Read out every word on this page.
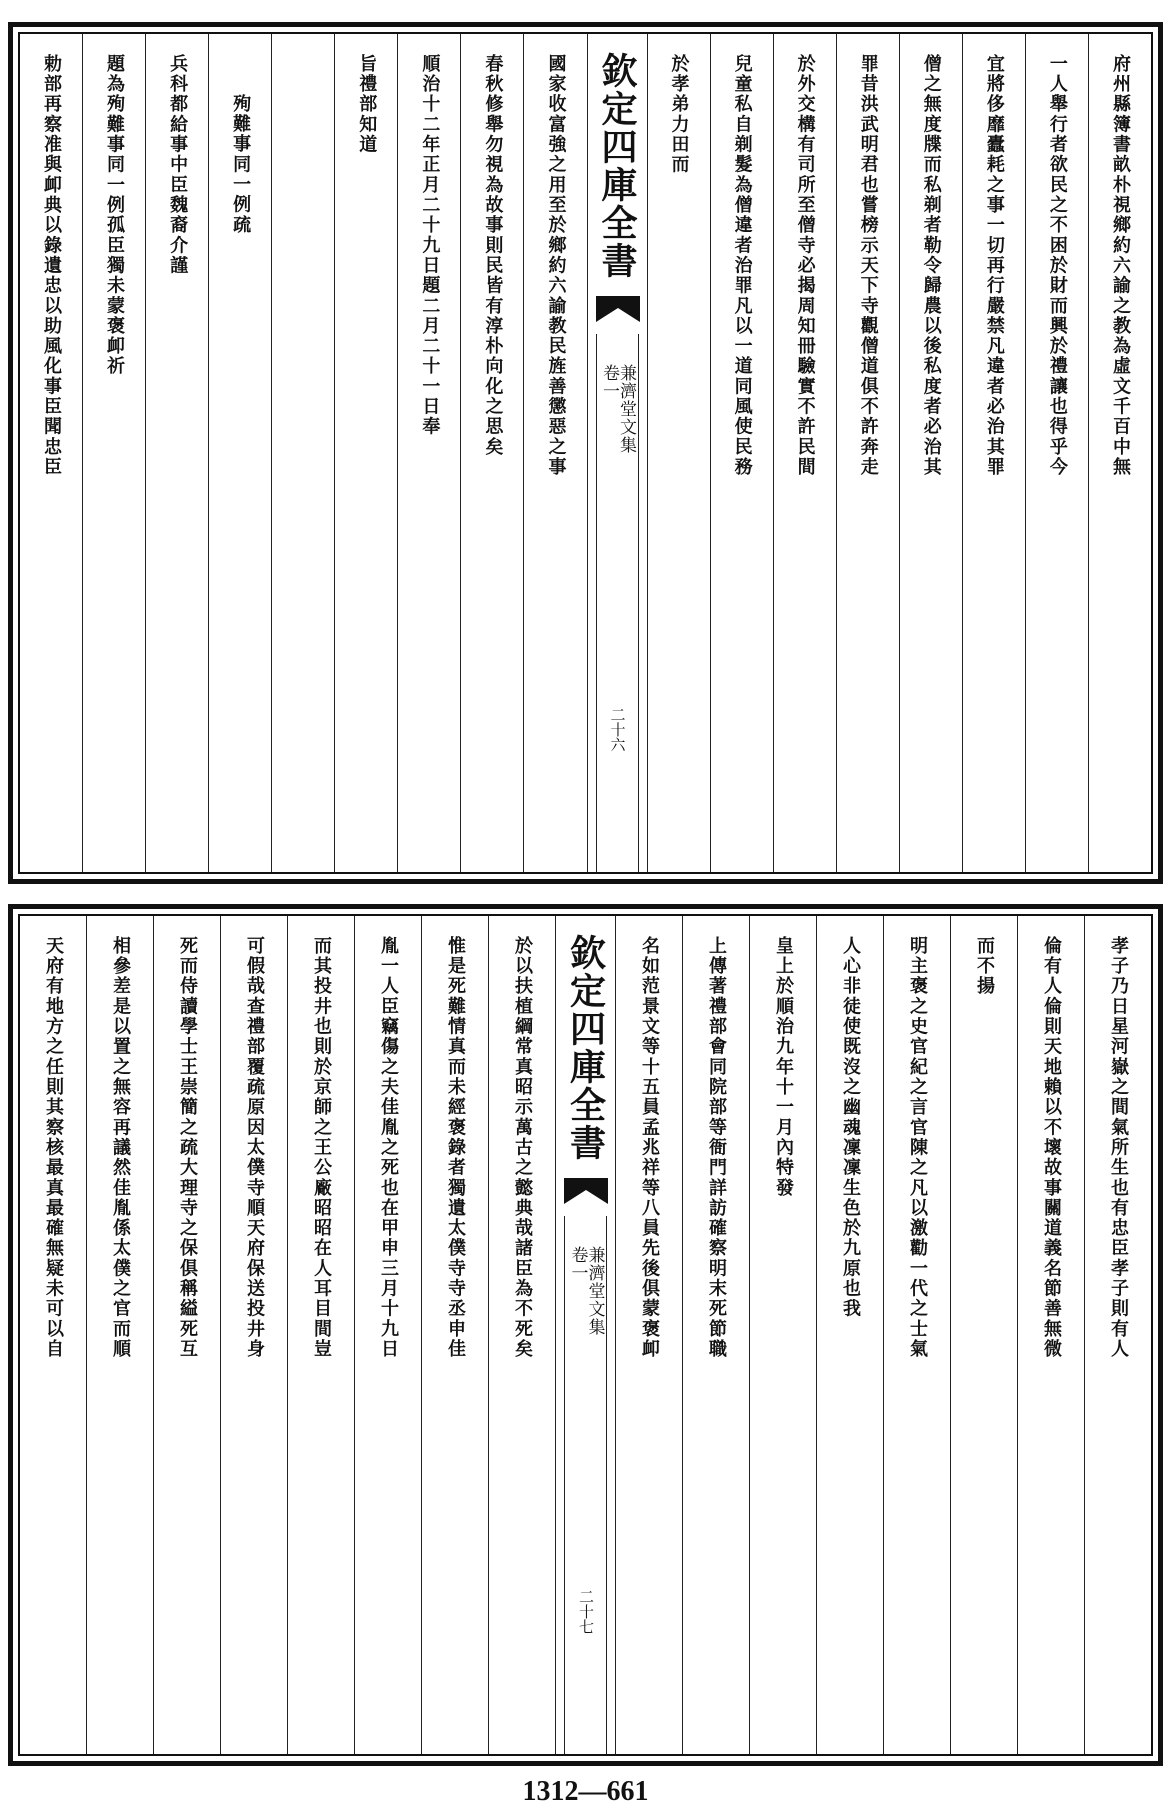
府州縣簿書畝朴視鄉約六諭之教為虛文千百中無
一人舉行者欲民之不困於財而興於禮讓也得乎今
宜將侈靡蠹耗之事一切再行嚴禁凡違者必治其罪
僧之無度牒而私剃者勒令歸農以後私度者必治其
罪昔洪武明君也嘗榜示天下寺觀僧道俱不許奔走
於外交構有司所至僧寺必揭周知冊驗實不許民間
兒童私自剃髮為僧違者治罪凡以一道同風使民務
於孝弟力田而
欽定四庫全書
卷一
兼濟堂文集
二十六
國家收富強之用至於鄉約六諭教民旌善懲惡之事
春秋修舉勿視為故事則民皆有淳朴向化之思矣
順治十二年正月二十九日題二月二十一日奉
旨禮部知道
殉難事同一例疏
兵科都給事中臣魏裔介謹
題為殉難事同一例孤臣獨未蒙褒卹祈
勅部再察准與卹典以錄遺忠以助風化事臣聞忠臣
孝子乃日星河嶽之間氣所生也有忠臣孝子則有人
倫有人倫則天地賴以不壞故事關道義名節善無微
而不揚
明主褒之史官紀之言官陳之凡以激勸一代之士氣
人心非徒使既沒之幽魂凜凜生色於九原也我
皇上於順治九年十一月內特發
上傳著禮部會同院部等衙門詳訪確察明末死節職
名如范景文等十五員孟兆祥等八員先後俱蒙褒卹
欽定四庫全書
卷一
兼濟堂文集
二十七
於以扶植綱常真昭示萬古之懿典哉諸臣為不死矣
惟是死難情真而未經褒錄者獨遺太僕寺寺丞申佳
胤一人臣竊傷之夫佳胤之死也在甲申三月十九日
而其投井也則於京師之王公廠昭昭在人耳目間豈
可假哉查禮部覆疏原因太僕寺順天府保送投井身
死而侍讀學士王崇簡之疏大理寺之保俱稱縊死互
相參差是以置之無容再議然佳胤係太僕之官而順
天府有地方之任則其察核最真最確無疑未可以自
1312—661
